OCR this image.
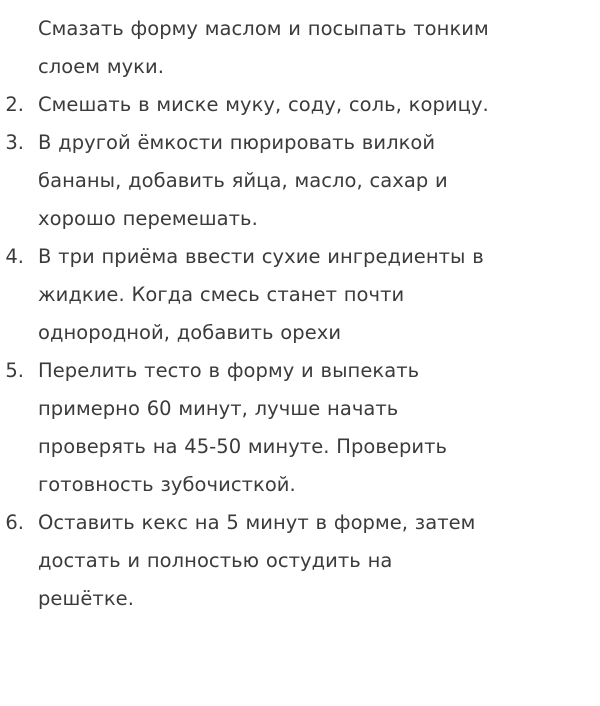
Смазать форму маслом и посыпать тонким слоем муки.
2. Смешать в миске муку, соду, соль, корицу.
3. В другой ёмкости пюрировать вилкой бананы, добавить яйца, масло, сахар и хорошо перемешать.
4. В три приёма ввести сухие ингредиенты в жидкие. Когда смесь станет почти однородной, добавить орехи
5. Перелить тесто в форму и выпекать примерно 60 минут, лучше начать проверять на 45-50 минуте. Проверить готовность зубочисткой.
6. Оставить кекс на 5 минут в форме, затем достать и полностью остудить на решётке.
